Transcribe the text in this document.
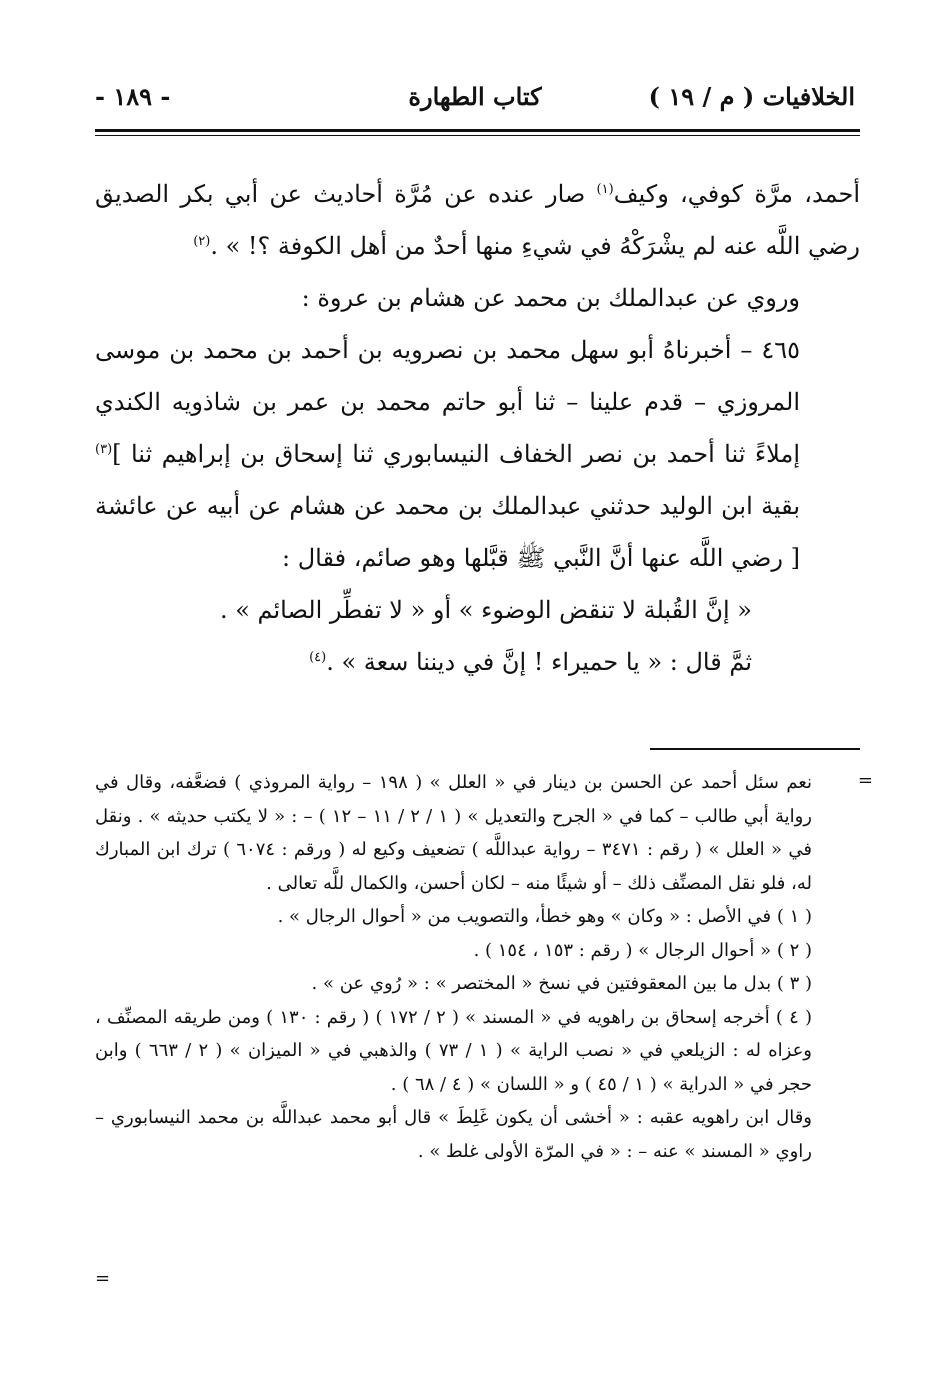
الخلافيات ( م / ١٩ )
كتاب الطهارة
- ١٨٩ -

أحمد، مرَّة كوفي، وكيف$^{(١)}$ صار عنده عن مُرَّة أحاديث عن أبي بكر الصديق رضي اللَّه عنه لم يشْرَكْهُ في شيءِ منها أحدٌ من أهل الكوفة ؟! » .$^{(٢)}$

وروي عن عبدالملك بن محمد عن هشام بن عروة :

٤٦٥ – أخبرناهُ أبو سهل محمد بن نصرويه بن أحمد بن محمد بن موسى المروزي – قدم علينا – ثنا أبو حاتم محمد بن عمر بن شاذويه الكندي إملاءً ثنا أحمد بن نصر الخفاف النيسابوري ثنا إسحاق بن إبراهيم ثنا ]$^{(٣)}$ بقية ابن الوليد حدثني عبدالملك بن محمد عن هشام عن أبيه عن عائشة [ رضي اللَّه عنها أنَّ النَّبي ﷺ قبَّلها وهو صائم، فقال :

« إنَّ القُبلة لا تنقض الوضوء » أو « لا تفطِّر الصائم » .

ثمَّ قال : « يا حميراء ! إنَّ في ديننا سعة » .$^{(٤)}$

=

نعم سئل أحمد عن الحسن بن دينار في « العلل » ( ١٩٨ – رواية المروذي ) فضعَّفه، وقال في رواية أبي طالب – كما في « الجرح والتعديل » ( ١ / ٢ / ١١ – ١٢ ) – : « لا يكتب حديثه » . ونقل في « العلل » ( رقم : ٣٤٧١ – رواية عبداللَّه ) تضعيف وكيع له ( ورقم : ٦٠٧٤ ) ترك ابن المبارك له، فلو نقل المصنِّف ذلك – أو شيئًا منه – لكان أحسن، والكمال للَّه تعالى .

( ١ ) في الأصل : « وكان » وهو خطأ، والتصويب من « أحوال الرجال » .

( ٢ ) « أحوال الرجال » ( رقم : ١٥٣ ، ١٥٤ ) .

( ٣ ) بدل ما بين المعقوفتين في نسخ « المختصر » : « رُوي عن » .

( ٤ ) أخرجه إسحاق بن راهويه في « المسند » ( ٢ / ١٧٢ ) ( رقم : ١٣٠ ) ومن طريقه المصنِّف ، وعزاه له : الزيلعي في « نصب الراية » ( ١ / ٧٣ ) والذهبي في « الميزان » ( ٢ / ٦٦٣ ) وابن حجر في « الدراية » ( ١ / ٤٥ ) و « اللسان » ( ٤ / ٦٨ ) .

وقال ابن راهويه عقبه : « أخشى أن يكون غَلِطَ » قال أبو محمد عبداللَّه بن محمد النيسابوري – راوي « المسند » عنه – : « في المرّة الأولى غلط » .

=
